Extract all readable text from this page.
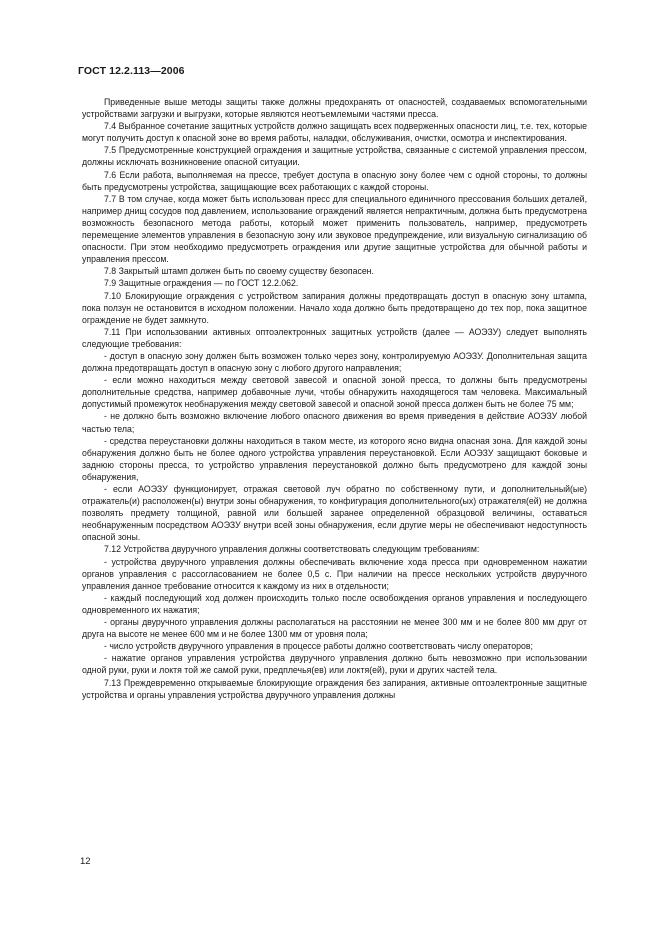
ГОСТ 12.2.113—2006

Приведенные выше методы защиты также должны предохранять от опасностей, создаваемых вспомогательными устройствами загрузки и выгрузки, которые являются неотъемлемыми частями пресса.

7.4 Выбранное сочетание защитных устройств должно защищать всех подверженных опасности лиц, т.е. тех, которые могут получить доступ к опасной зоне во время работы, наладки, обслуживания, очистки, осмотра и инспектирования.

7.5 Предусмотренные конструкцией ограждения и защитные устройства, связанные с системой управления прессом, должны исключать возникновение опасной ситуации.

7.6 Если работа, выполняемая на прессе, требует доступа в опасную зону более чем с одной стороны, то должны быть предусмотрены устройства, защищающие всех работающих с каждой стороны.

7.7 В том случае, когда может быть использован пресс для специального единичного прессования больших деталей, например днищ сосудов под давлением, использование ограждений является непрактичным, должна быть предусмотрена возможность безопасного метода работы, который может применить пользователь, например, предусмотреть перемещение элементов управления в безопасную зону или звуковое предупреждение, или визуальную сигнализацию об опасности. При этом необходимо предусмотреть ограждения или другие защитные устройства для обычной работы и управления прессом.

7.8 Закрытый штамп должен быть по своему существу безопасен.

7.9 Защитные ограждения — по ГОСТ 12.2.062.

7.10 Блокирующие ограждения с устройством запирания должны предотвращать доступ в опасную зону штампа, пока ползун не остановится в исходном положении. Начало хода должно быть предотвращено до тех пор, пока защитное ограждение не будет замкнуто.

7.11 При использовании активных оптоэлектронных защитных устройств (далее — АОЭЗУ) следует выполнять следующие требования:

- доступ в опасную зону должен быть возможен только через зону, контролируемую АОЭЗУ. Дополнительная защита должна предотвращать доступ в опасную зону с любого другого направления;

- если можно находиться между световой завесой и опасной зоной пресса, то должны быть предусмотрены дополнительные средства, например добавочные лучи, чтобы обнаружить находящегося там человека. Максимальный допустимый промежуток необнаружения между световой завесой и опасной зоной пресса должен быть не более 75 мм;

- не должно быть возможно включение любого опасного движения во время приведения в действие АОЭЗУ любой частью тела;

- средства переустановки должны находиться в таком месте, из которого ясно видна опасная зона. Для каждой зоны обнаружения должно быть не более одного устройства управления переустановкой. Если АОЭЗУ защищают боковые и заднюю стороны пресса, то устройство управления переустановкой должно быть предусмотрено для каждой зоны обнаружения,

- если АОЭЗУ функционирует, отражая световой луч обратно по собственному пути, и дополнительный(ые) отражатель(и) расположен(ы) внутри зоны обнаружения, то конфигурация дополнительного(ых) отражателя(ей) не должна позволять предмету толщиной, равной или большей заранее определенной образцовой величины, оставаться необнаруженным посредством АОЭЗУ внутри всей зоны обнаружения, если другие меры не обеспечивают недоступность опасной зоны.

7.12 Устройства двуручного управления должны соответствовать следующим требованиям:

- устройства двуручного управления должны обеспечивать включение хода пресса при одновременном нажатии органов управления с рассогласованием не более 0,5 с. При наличии на прессе нескольких устройств двуручного управления данное требование относится к каждому из них в отдельности;

- каждый последующий ход должен происходить только после освобождения органов управления и последующего одновременного их нажатия;

- органы двуручного управления должны располагаться на расстоянии не менее 300 мм и не более 800 мм друг от друга на высоте не менее 600 мм и не более 1300 мм от уровня пола;

- число устройств двуручного управления в процессе работы должно соответствовать числу операторов;

- нажатие органов управления устройства двуручного управления должно быть невозможно при использовании одной руки, руки и локтя той же самой руки, предплечья(ев) или локтя(ей), руки и других частей тела.

7.13 Преждевременно открываемые блокирующие ограждения без запирания, активные оптоэлектронные защитные устройства и органы управления устройства двуручного управления должны

12
